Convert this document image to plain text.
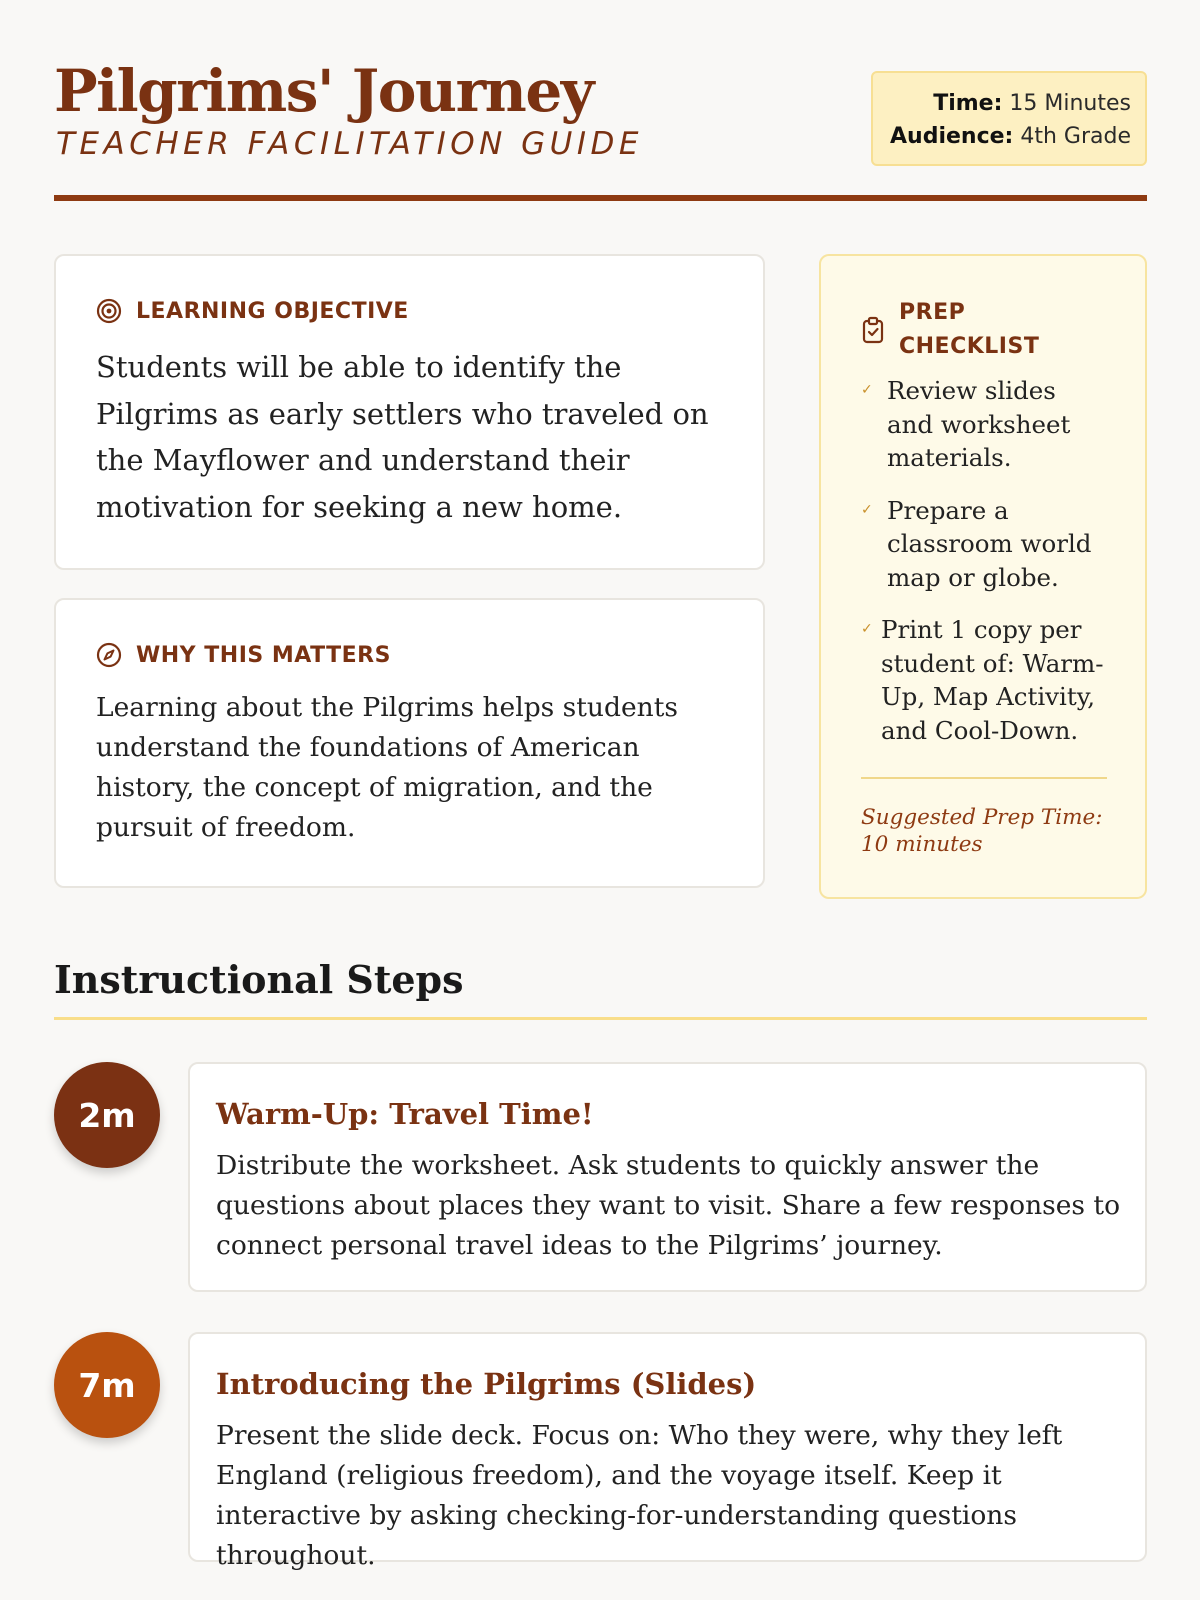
Pilgrims' Journey
TEACHER FACILITATION GUIDE
Time: 15 Minutes
Audience: 4th Grade
LEARNING OBJECTIVE

Students will be able to identify the Pilgrims as early settlers who traveled on the Mayflower and understand their motivation for seeking a new home.

WHY THIS MATTERS

Learning about the Pilgrims helps students understand the foundations of American history, the concept of migration, and the pursuit of freedom.

PREP CHECKLIST
✓ Review slides and worksheet materials.
✓ Prepare a classroom world map or globe.
✓ Print 1 copy per student of: Warm-Up, Map Activity, and Cool-Down.

Suggested Prep Time: 10 minutes

Instructional Steps
2m	Warm-Up: Travel Time!

Distribute the worksheet. Ask students to quickly answer the questions about places they want to visit. Share a few responses to connect personal travel ideas to the Pilgrims’ journey.

7m	Introducing the Pilgrims (Slides)

Present the slide deck. Focus on: Who they were, why they left England (religious freedom), and the voyage itself. Keep it interactive by asking checking-for-understanding questions throughout.
